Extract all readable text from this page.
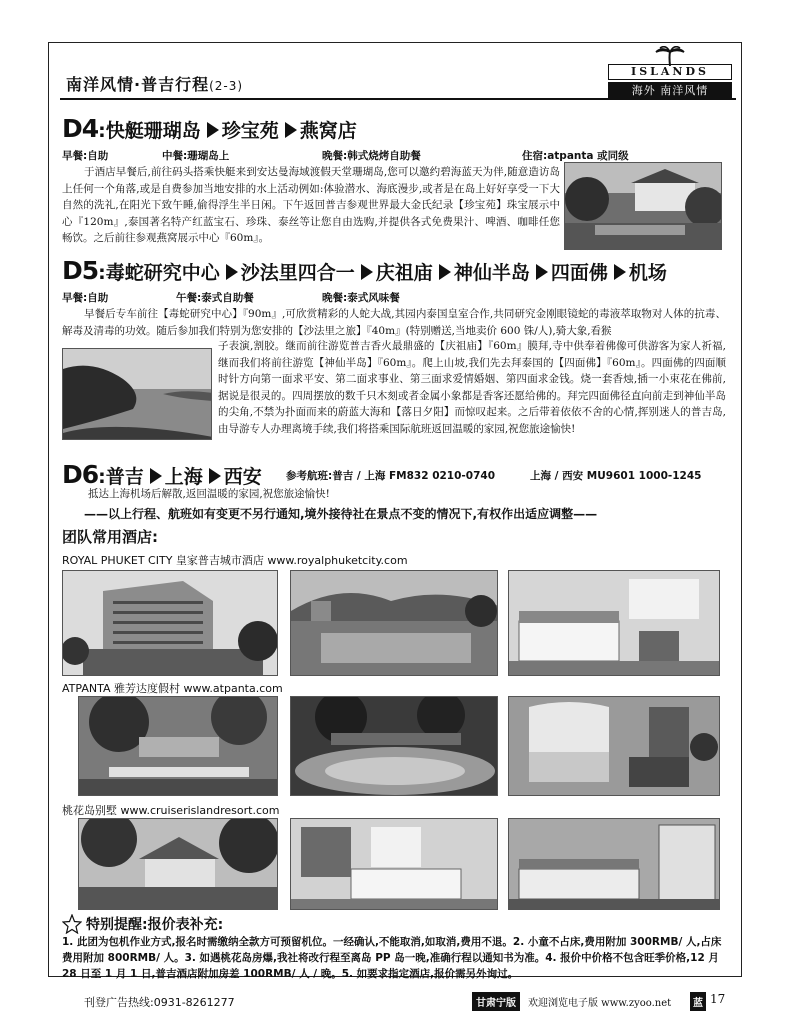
南洋风情·普吉行程(2-3)
ISLANDS
海外 南洋风情
D4:快艇珊瑚岛 珍宝苑 燕窝店
早餐:自助	中餐:珊瑚岛上	晚餐:韩式烧烤自助餐	住宿:atpanta 或同级
于酒店早餐后,前往码头搭乘快艇来到安达曼海域渡假天堂珊瑚岛,您可以邀约碧海蓝天为伴,随意造访岛上任何一个角落,或是自费参加当地安排的水上活动例如:体验潜水、海底漫步,或者是在岛上好好享受一下大自然的洗礼,在阳光下致午睡,偷得浮生半日闲。下午返回普吉参观世界最大金氏纪录【珍宝苑】珠宝展示中心『120m』,泰国著名特产红蓝宝石、珍珠、泰丝等让您自由选购,并提供各式免费果汁、啤酒、咖啡任您畅饮。之后前往参观燕窝展示中心『60m』。
D5:毒蛇研究中心 沙法里四合一 庆祖庙 神仙半岛 四面佛 机场
早餐:自助	午餐:泰式自助餐	晚餐:泰式风味餐
早餐后专车前往【毒蛇研究中心】『90m』,可欣赏精彩的人蛇大战,其园内泰国皇室合作,共同研究金刚眼镜蛇的毒液萃取物对人体的抗毒、解毒及清毒的功效。随后参加我们特别为您安排的【沙法里之旅】『40m』(特别赠送,当地卖价 600 铢/人),骑大象,看猴
子表演,割胶。继而前往游览普吉香火最鼎盛的【庆祖庙】『60m』膜拜,寺中供奉着佛像可供游客为家人祈福,继而我们将前往游览【神仙半岛】『60m』。爬上山坡,我们先去拜泰国的【四面佛】『60m』。四面佛的四面顺时针方向第一面求平安、第二面求事业、第三面求爱情婚姻、第四面求金钱。烧一套香烛,插一小束花在佛前,据说是很灵的。四周摆放的数千只木刻或者金属小象都是香客还愿给佛的。拜完四面佛径直向前走到神仙半岛的尖角,不禁为扑面而来的蔚蓝大海和【落日夕阳】而惊叹起来。之后带着依依不舍的心情,挥别迷人的普吉岛,由导游专人办理离境手续,我们将搭乘国际航班返回温暖的家园,祝您旅途愉快!
D6:普吉 上海 西安 参考航班:普吉 / 上海 FM832 0210-0740	上海 / 西安 MU9601 1000-1245
抵达上海机场后解散,返回温暖的家园,祝您旅途愉快!
——以上行程、航班如有变更不另行通知,境外接待社在景点不变的情况下,有权作出适应调整——
团队常用酒店:
ROYAL PHUKET CITY 皇家普吉城市酒店 www.royalphuketcity.com
ATPANTA 雅芳达度假村 www.atpanta.com
桃花岛别墅 www.cruiserislandresort.com
特别提醒:报价表补充:
1. 此团为包机作业方式,报名时需缴纳全款方可预留机位。一经确认,不能取消,如取消,费用不退。2. 小童不占床,费用附加 300RMB/ 人,占床费用附加 800RMB/ 人。3. 如遇桃花岛房爆,我社将改行程至离岛 PP 岛一晚,准确行程以通知书为准。4. 报价中价格不包含旺季价格,12 月 28 日至 1 月 1 日,普吉酒店附加房差 100RMB/ 人 / 晚。5. 如要求指定酒店,报价需另外询过。
刊登广告热线:0931-8261277	甘肃宁版	欢迎浏览电子版 www.zyoo.net	蓝 17
